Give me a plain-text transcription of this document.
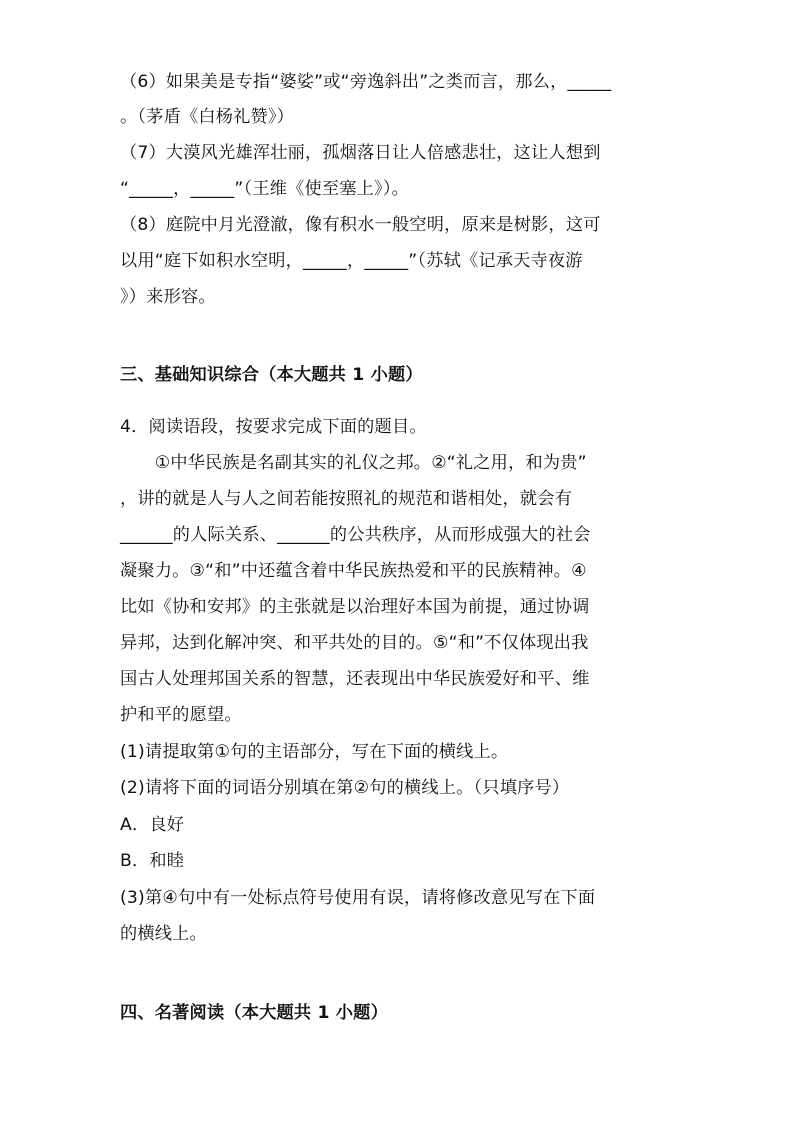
（6）如果美是专指“婆娑”或“旁逸斜出”之类而言，那么，_____
。（茅盾《白杨礼赞》）
（7）大漠风光雄浑壮丽，孤烟落日让人倍感悲壮，这让人想到
“_____，_____”（王维《使至塞上》）。
（8）庭院中月光澄澈，像有积水一般空明，原来是树影，这可
以用“庭下如积水空明，_____，_____”（苏轼《记承天寺夜游
》）来形容。
三、基础知识综合（本大题共 1 小题）
4．阅读语段，按要求完成下面的题目。
　　①中华民族是名副其实的礼仪之邦。②“礼之用，和为贵”
，讲的就是人与人之间若能按照礼的规范和谐相处，就会有
______的人际关系、______的公共秩序，从而形成强大的社会
凝聚力。③“和”中还蕴含着中华民族热爱和平的民族精神。④
比如《协和安邦》的主张就是以治理好本国为前提，通过协调
异邦，达到化解冲突、和平共处的目的。⑤“和”不仅体现出我
国古人处理邦国关系的智慧，还表现出中华民族爱好和平、维
护和平的愿望。
(1)请提取第①句的主语部分，写在下面的横线上。
(2)请将下面的词语分别填在第②句的横线上。（只填序号）
A．良好
B．和睦
(3)第④句中有一处标点符号使用有误，请将修改意见写在下面
的横线上。
四、名著阅读（本大题共 1 小题）
